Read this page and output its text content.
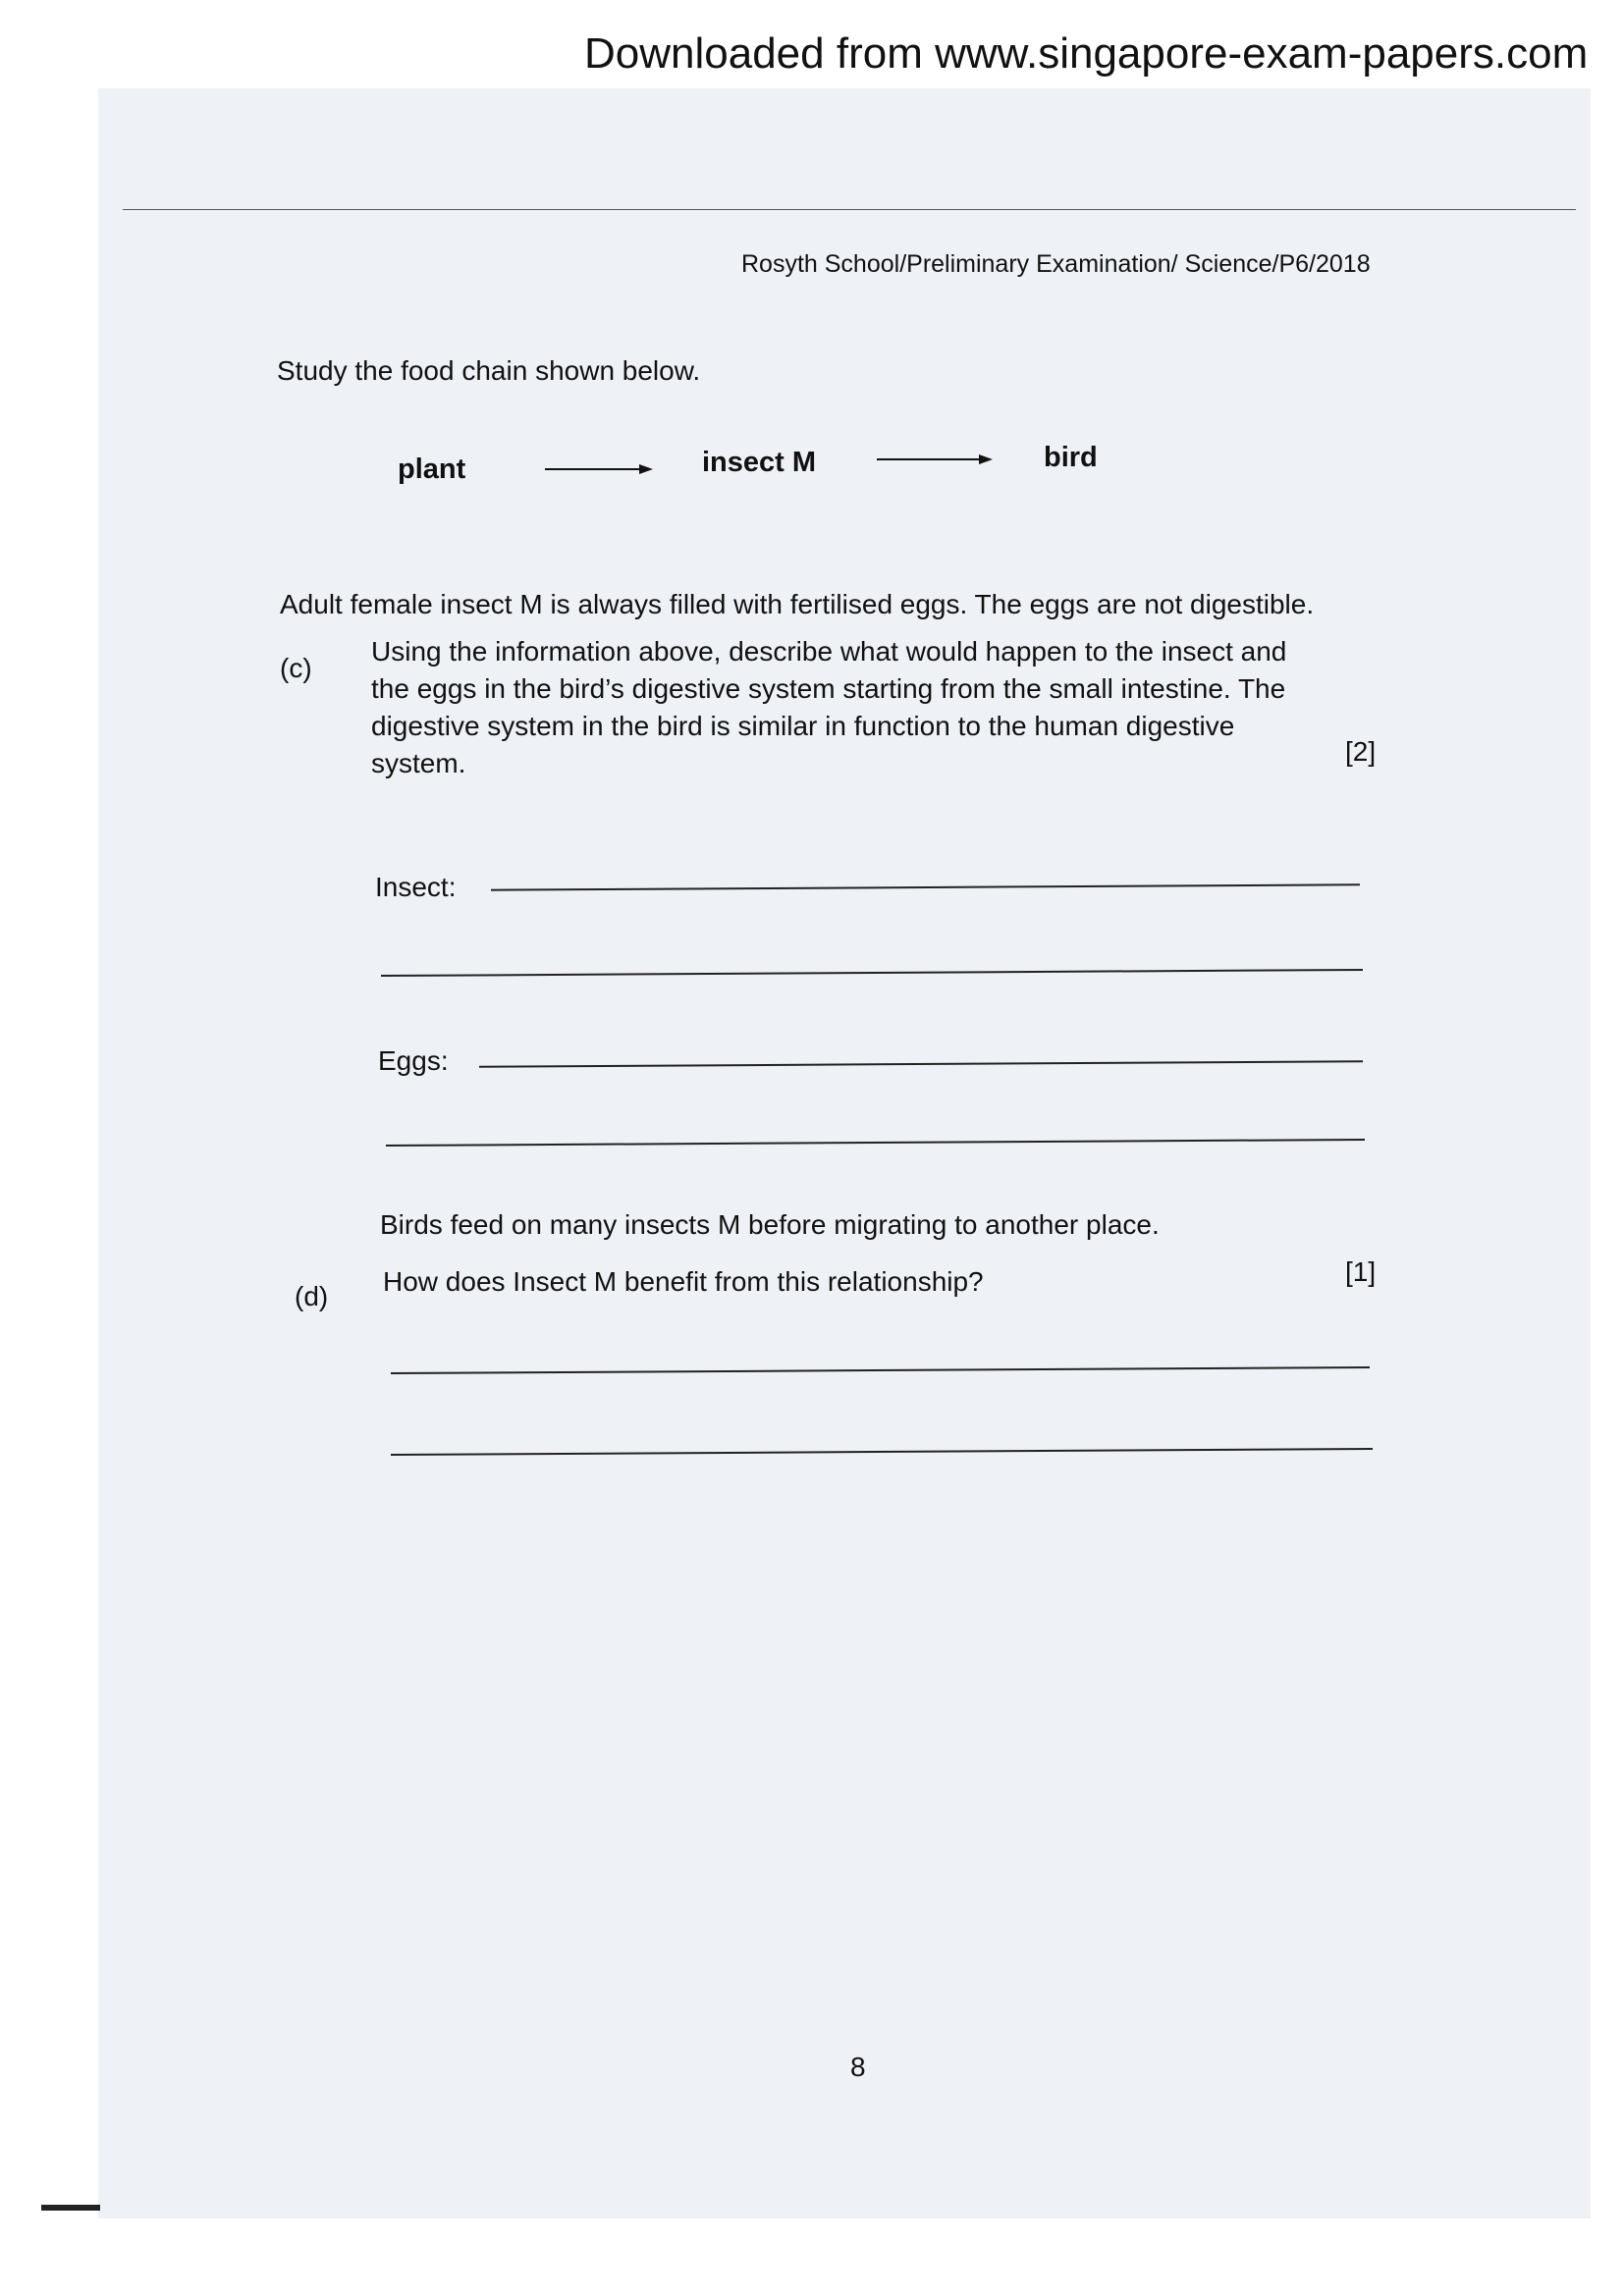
Downloaded from www.singapore-exam-papers.com
Rosyth School/Preliminary Examination/ Science/P6/2018
Study the food chain shown below.
plant	insect M	bird
Adult female insect M is always filled with fertilised eggs. The eggs are not digestible.
(c)
Using the information above, describe what would happen to the insect and
the eggs in the bird’s digestive system starting from the small intestine. The
digestive system in the bird is similar in function to the human digestive
system.	[2]
Insect:
Eggs:
Birds feed on many insects M before migrating to another place.
(d) How does Insect M benefit from this relationship?	[1]
8
